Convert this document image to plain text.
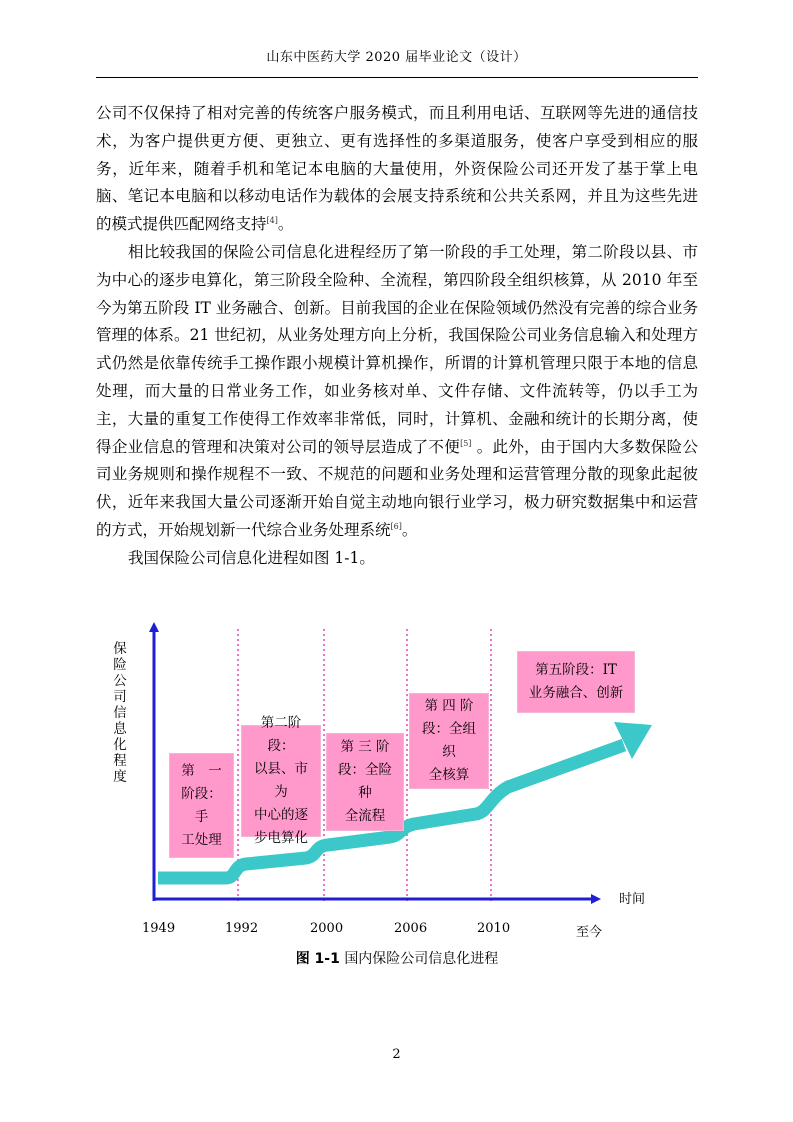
山东中医药大学 2020 届毕业论文（设计）

公司不仅保持了相对完善的传统客户服务模式，而且利用电话、互联网等先进的通信技术，为客户提供更方便、更独立、更有选择性的多渠道服务，使客户享受到相应的服务，近年来，随着手机和笔记本电脑的大量使用，外资保险公司还开发了基于掌上电脑、笔记本电脑和以移动电话作为载体的会展支持系统和公共关系网，并且为这些先进的模式提供匹配网络支持[4]。

相比较我国的保险公司信息化进程经历了第一阶段的手工处理，第二阶段以县、市为中心的逐步电算化，第三阶段全险种、全流程，第四阶段全组织核算，从 2010 年至今为第五阶段 IT 业务融合、创新。目前我国的企业在保险领域仍然没有完善的综合业务管理的体系。21 世纪初，从业务处理方向上分析，我国保险公司业务信息输入和处理方式仍然是依靠传统手工操作跟小规模计算机操作，所谓的计算机管理只限于本地的信息处理，而大量的日常业务工作，如业务核对单、文件存储、文件流转等，仍以手工为主，大量的重复工作使得工作效率非常低，同时，计算机、金融和统计的长期分离，使得企业信息的管理和决策对公司的领导层造成了不便[5] 。此外，由于国内大多数保险公司业务规则和操作规程不一致、不规范的问题和业务处理和运营管理分散的现象此起彼伏，近年来我国大量公司逐渐开始自觉主动地向银行业学习，极力研究数据集中和运营的方式，开始规划新一代综合业务处理系统[6]。

我国保险公司信息化进程如图 1-1。

保险公司信息化程度
时间
1949	1992	2000	2006	2010	至今
第　一
阶段：手
工处理
第二阶段：
以县、市为
中心的逐
步电算化
第 三 阶
段：全险种
全流程
第 四 阶
段：全组织
全核算
第五阶段：IT
业务融合、创新
图 1-1 国内保险公司信息化进程
2
